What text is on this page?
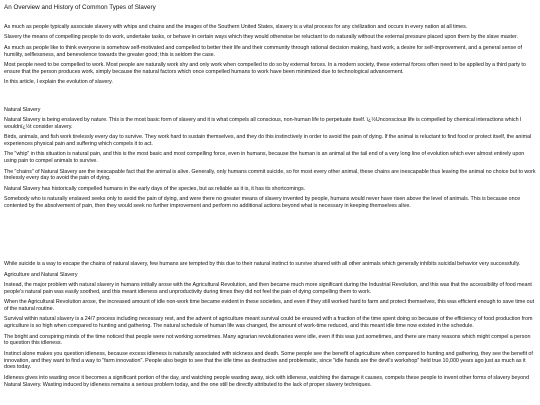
An Overview and History of Common Types of Slavery

As much as people typically associate slavery with whips and chains and the images of the Southern United States, slavery is a vital process for any civilization and occurs in every nation at all times.

Slavery the means of compelling people to do work, undertake tasks, or behave in certain ways which they would otherwise be reluctant to do naturally without the external pressure placed upon them by the slave master.

As much as people like to think everyone is somehow self-motivated and compelled to better their life and their community through rational decision making, hard work, a desire for self-improvement, and a general sense of humility, selflessness, and benevolence towards the greater good; this is seldom the case.

Most people need to be compelled to work. Most people are naturally work shy and only work when compelled to do so by external forces. In a modern society, these external forces often need to be applied by a third party to ensure that the person produces work, simply because the natural factors which once compelled humans to work have been minimized due to technological advancement.

In this article, I explain the evolution of slavery.

Natural Slavery

Natural Slavery is being enslaved by nature. This is the most basic form of slavery and it is what compels all conscious, non-human life to perpetuate itself. ï¿½Unconscious life is compelled by chemical interactions which I wouldnï¿½t consider slavery.

Birds, animals, and fish work tirelessly every day to survive. They work hard to sustain themselves, and they do this instinctively in order to avoid the pain of dying. If the animal is reluctant to find food or protect itself, the animal experiences physical pain and suffering which compels it to act.

The "whip" in this situation is natural pain, and this is the most basic and most compelling force, even in humans, because the human is an animal at the tail end of a very long line of evolution which ever almost entirely upon using pain to compel animals to survive.

The "chains" of Natural Slavery are the inescapable fact that the animal is alive. Generally, only humans commit suicide, so for most every other animal, these chains are inescapable thus leaving the animal no choice but to work tirelessly every day to avoid the pain of dying.

Natural Slavery has historically compelled humans in the early days of the species, but as reliable as it is, it has its shortcomings.

Somebody who is naturally enslaved seeks only to avoid the pain of dying, and were there no greater means of slavery invented by people, humans would never have risen above the level of animals. This is because once contented by the absolvement of pain, then they would seek no further improvement and perform no additional actions beyond what is necessary in keeping themselves alive.

While suicide is a way to escape the chains of natural slavery, few humans are tempted by this due to their natural instinct to survive shared with all other animals which generally inhibits suicidal behavior very successfully.

Agriculture and Natural Slavery

Instead, the major problem with natural slavery in humans initially arose with the Agricultural Revolution, and then became much more significant during the Industrial Revolution, and this was that the accessibility of food meant people's natural pain was easily soothed, and this meant idleness and unproductivity during times they did not feel the pain of dying compelling them to work.

When the Agricultural Revolution arose, the increased amount of idle non-work time became evident in these societies, and even if they still worked hard to farm and protect themselves, this was efficient enough to save time out of the natural routine.

Survival within natural slavery is a 24/7 process including necessary rest, and the advent of agriculture meant survival could be ensured with a fraction of the time spent doing so because of the efficiency of food production from agriculture is so high when compared to hunting and gathering. The natural schedule of human life was changed, the amount of work-time reduced, and this meant idle time now existed in the schedule.

The bright and conspiring minds of the time noticed that people were not working sometimes. Many agrarian revolutionaries were idle, even if this was just sometimes, and there are many reasons which might compel a person to question this idleness.

Instinct alone makes you question idleness, because excess idleness is naturally associated with sickness and death. Some people see the benefit of agriculture when compared to hunting and gathering, they see the benefit of innovation, and they want to find a way to "farm innovation". People also begin to see that the idle time as destructive and problematic, since "idle hands are the devil's workshop" held true 10,000 years ago just as much as it does today.

Idleness gives into wasting once it becomes a significant portion of the day, and watching people wasting away, sick with idleness, watching the damage it causes, compels these people to invent other forms of slavery beyond Natural Slavery. Wasting induced by idleness remains a serious problem today, and the one still be directly attributed to the lack of proper slavery techniques.
